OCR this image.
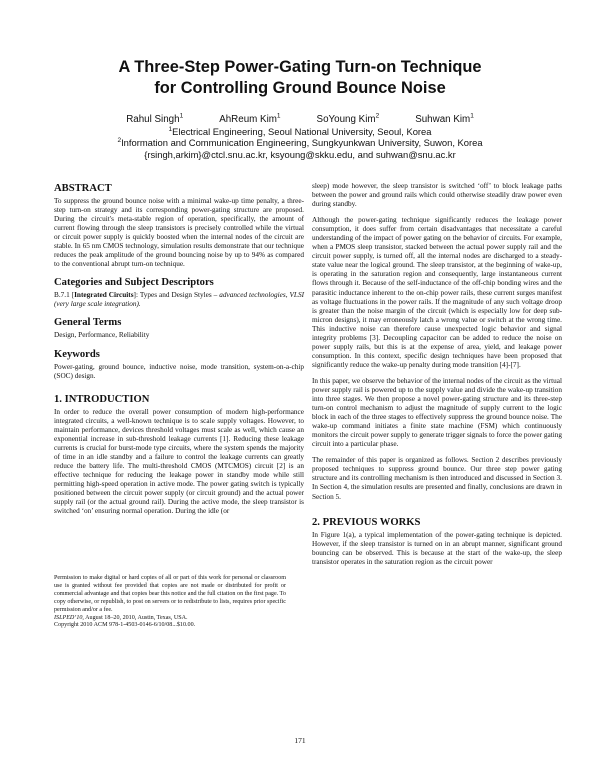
A Three-Step Power-Gating Turn-on Technique
for Controlling Ground Bounce Noise
Rahul Singh$^1$	AhReum Kim$^1$	SoYoung Kim$^2$	Suhwan Kim$^1$
$^1$Electrical Engineering, Seoul National University, Seoul, Korea
$^2$Information and Communication Engineering, Sungkyunkwan University, Suwon, Korea
{rsingh,arkim}@ctcl.snu.ac.kr, ksyoung@skku.edu, and suhwan@snu.ac.kr
ABSTRACT

To suppress the ground bounce noise with a minimal wake-up time penalty, a three-step turn-on strategy and its corresponding power-gating structure are proposed. During the circuit's meta-stable region of operation, specifically, the amount of current flowing through the sleep transistors is precisely controlled while the virtual or circuit power supply is quickly boosted when the internal nodes of the circuit are stable. In 65 nm CMOS technology, simulation results demonstrate that our technique reduces the peak amplitude of the ground bouncing noise by up to 94% as compared to the conventional abrupt turn-on technique.

Categories and Subject Descriptors

B.7.1 [Integrated Circuits]: Types and Design Styles – advanced technologies, VLSI (very large scale integration).

General Terms

Design, Performance, Reliability

Keywords

Power-gating, ground bounce, inductive noise, mode transition, system-on-a-chip (SOC) design.

1. INTRODUCTION

In order to reduce the overall power consumption of modern high-performance integrated circuits, a well-known technique is to scale supply voltages. However, to maintain performance, devices threshold voltages must scale as well, which cause an exponential increase in sub-threshold leakage currents [1]. Reducing these leakage currents is crucial for burst-mode type circuits, where the system spends the majority of time in an idle standby and a failure to control the leakage currents can greatly reduce the battery life. The multi-threshold CMOS (MTCMOS) circuit [2] is an effective technique for reducing the leakage power in standby mode while still permitting high-speed operation in active mode. The power gating switch is typically positioned between the circuit power supply (or circuit ground) and the actual power supply rail (or the actual ground rail). During the active mode, the sleep transistor is switched ‘on’ ensuring normal operation. During the idle (or

Permission to make digital or hard copies of all or part of this work for personal or classroom use is granted without fee provided that copies are not made or distributed for profit or commercial advantage and that copies bear this notice and the full citation on the first page. To copy otherwise, or republish, to post on servers or to redistribute to lists, requires prior specific permission and/or a fee.
ISLPED’10, August 18–20, 2010, Austin, Texas, USA.
Copyright 2010 ACM 978-1-4503-0146-6/10/08...$10.00.

sleep) mode however, the sleep transistor is switched ‘off’ to block leakage paths between the power and ground rails which could otherwise steadily draw power even during standby.

Although the power-gating technique significantly reduces the leakage power consumption, it does suffer from certain disadvantages that necessitate a careful understanding of the impact of power gating on the behavior of circuits. For example, when a PMOS sleep transistor, stacked between the actual power supply rail and the circuit power supply, is turned off, all the internal nodes are discharged to a steady-state value near the logical ground. The sleep transistor, at the beginning of wake-up, is operating in the saturation region and consequently, large instantaneous current flows through it. Because of the self-inductance of the off-chip bonding wires and the parasitic inductance inherent to the on-chip power rails, these current surges manifest as voltage fluctuations in the power rails. If the magnitude of any such voltage droop is greater than the noise margin of the circuit (which is especially low for deep sub-micron designs), it may erroneously latch a wrong value or switch at the wrong time. This inductive noise can therefore cause unexpected logic behavior and signal integrity problems [3]. Decoupling capacitor can be added to reduce the noise on power supply rails, but this is at the expense of area, yield, and leakage power consumption. In this context, specific design techniques have been proposed that significantly reduce the wake-up penalty during mode transition [4]-[7].

In this paper, we observe the behavior of the internal nodes of the circuit as the virtual power supply rail is powered up to the supply value and divide the wake-up transition into three stages. We then propose a novel power-gating structure and its three-step turn-on control mechanism to adjust the magnitude of supply current to the logic block in each of the three stages to effectively suppress the ground bounce noise. The wake-up command initiates a finite state machine (FSM) which continuously monitors the circuit power supply to generate trigger signals to force the power gating circuit into a particular phase.

The remainder of this paper is organized as follows. Section 2 describes previously proposed techniques to suppress ground bounce. Our three step power gating structure and its controlling mechanism is then introduced and discussed in Section 3. In Section 4, the simulation results are presented and finally, conclusions are drawn in Section 5.

2. PREVIOUS WORKS

In Figure 1(a), a typical implementation of the power-gating technique is depicted. However, if the sleep transistor is turned on in an abrupt manner, significant ground bouncing can be observed. This is because at the start of the wake-up, the sleep transistor operates in the saturation region as the circuit power

171
